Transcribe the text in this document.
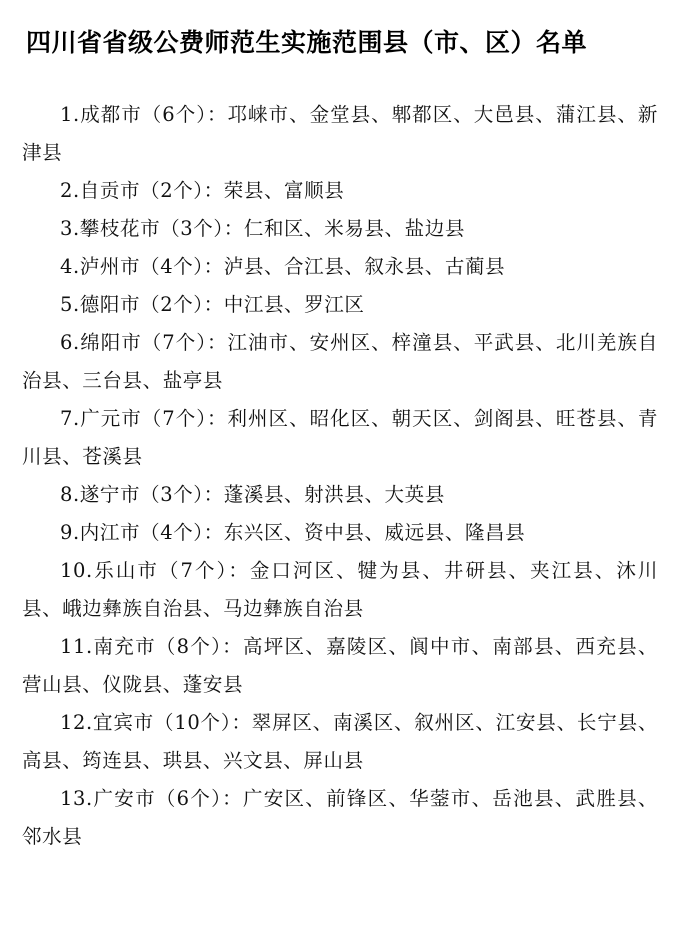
四川省省级公费师范生实施范围县（市、区）名单

1.成都市（6个）：邛崃市、金堂县、郫都区、大邑县、蒲江县、新津县

2.自贡市（2个）：荣县、富顺县

3.攀枝花市（3个）：仁和区、米易县、盐边县

4.泸州市（4个）：泸县、合江县、叙永县、古蔺县

5.德阳市（2个）：中江县、罗江区

6.绵阳市（7个）：江油市、安州区、梓潼县、平武县、北川羌族自治县、三台县、盐亭县

7.广元市（7个）：利州区、昭化区、朝天区、剑阁县、旺苍县、青川县、苍溪县

8.遂宁市（3个）：蓬溪县、射洪县、大英县

9.内江市（4个）：东兴区、资中县、威远县、隆昌县

10.乐山市（7个）：金口河区、犍为县、井研县、夹江县、沐川县、峨边彝族自治县、马边彝族自治县

11.南充市（8个）：高坪区、嘉陵区、阆中市、南部县、西充县、营山县、仪陇县、蓬安县

12.宜宾市（10个）：翠屏区、南溪区、叙州区、江安县、长宁县、高县、筠连县、珙县、兴文县、屏山县

13.广安市（6个）：广安区、前锋区、华蓥市、岳池县、武胜县、邻水县
